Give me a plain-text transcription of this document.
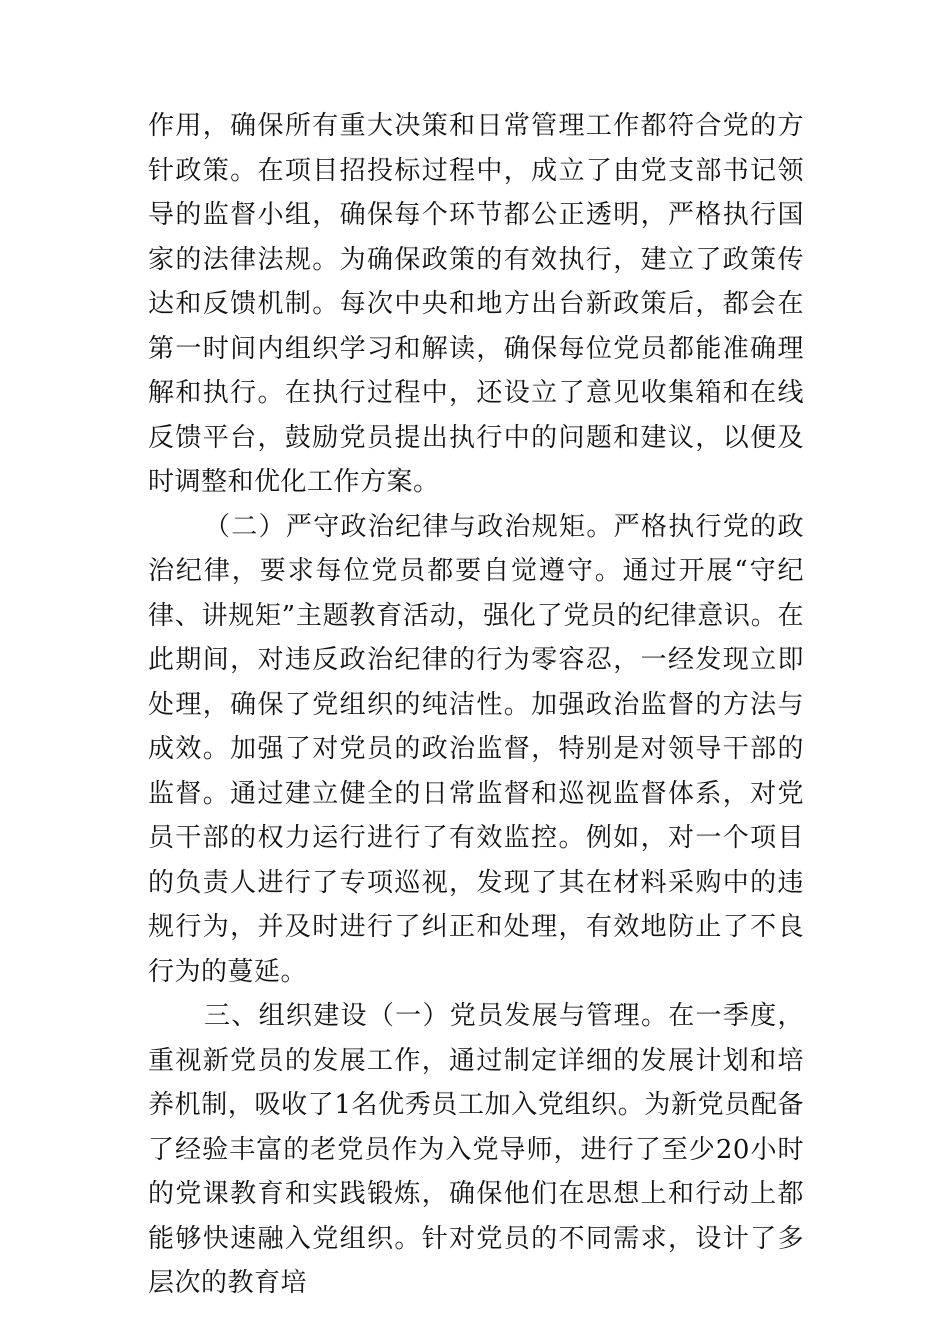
作用，确保所有重大决策和日常管理工作都符合党的方针政策。在项目招投标过程中，成立了由党支部书记领导的监督小组，确保每个环节都公正透明，严格执行国家的法律法规。为确保政策的有效执行，建立了政策传达和反馈机制。每次中央和地方出台新政策后，都会在第一时间内组织学习和解读，确保每位党员都能准确理解和执行。在执行过程中，还设立了意见收集箱和在线反馈平台，鼓励党员提出执行中的问题和建议，以便及时调整和优化工作方案。

（二）严守政治纪律与政治规矩。严格执行党的政治纪律，要求每位党员都要自觉遵守。通过开展“守纪律、讲规矩”主题教育活动，强化了党员的纪律意识。在此期间，对违反政治纪律的行为零容忍，一经发现立即处理，确保了党组织的纯洁性。加强政治监督的方法与成效。加强了对党员的政治监督，特别是对领导干部的监督。通过建立健全的日常监督和巡视监督体系，对党员干部的权力运行进行了有效监控。例如，对一个项目的负责人进行了专项巡视，发现了其在材料采购中的违规行为，并及时进行了纠正和处理，有效地防止了不良行为的蔓延。

三、组织建设（一）党员发展与管理。在一季度，重视新党员的发展工作，通过制定详细的发展计划和培养机制，吸收了1名优秀员工加入党组织。为新党员配备了经验丰富的老党员作为入党导师，进行了至少20小时的党课教育和实践锻炼，确保他们在思想上和行动上都能够快速融入党组织。针对党员的不同需求，设计了多层次的教育培
